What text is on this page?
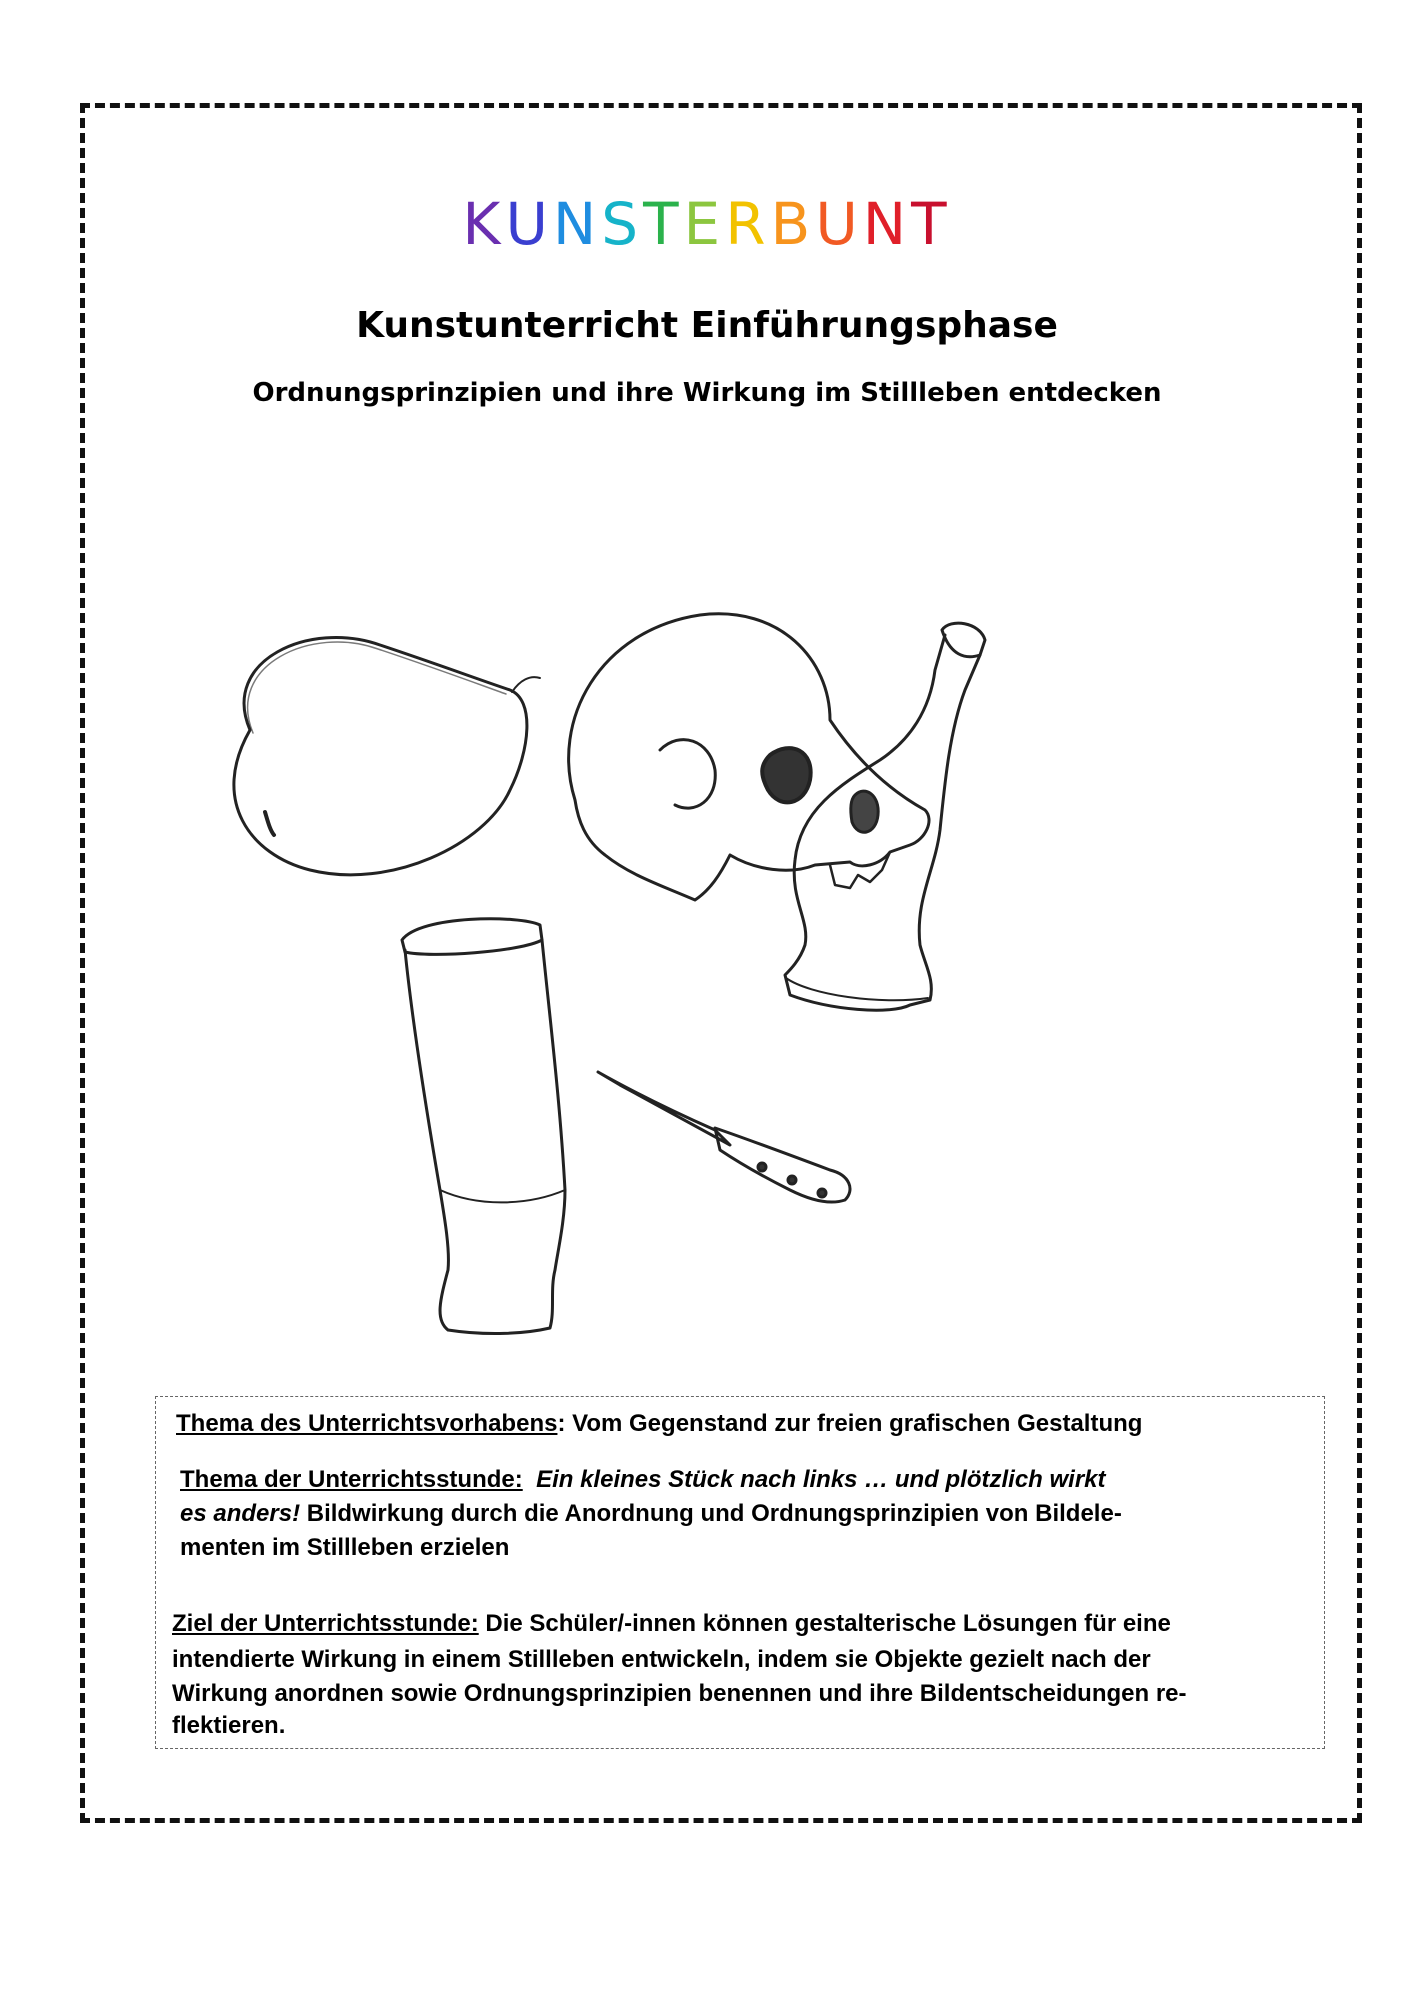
KUNSTERBUNT
Kunstunterricht Einführungsphase
Ordnungsprinzipien und ihre Wirkung im Stillleben entdecken
Thema des Unterrichtsvorhabens: Vom Gegenstand zur freien grafischen Gestaltung
Thema der Unterrichtsstunde:  Ein kleines Stück nach links … und plötzlich wirkt
es anders! Bildwirkung durch die Anordnung und Ordnungsprinzipien von Bildele-
menten im Stillleben erzielen
Ziel der Unterrichtsstunde: Die Schüler/-innen können gestalterische Lösungen für eine
intendierte Wirkung in einem Stillleben entwickeln, indem sie Objekte gezielt nach der
Wirkung anordnen sowie Ordnungsprinzipien benennen und ihre Bildentscheidungen re-
flektieren.
